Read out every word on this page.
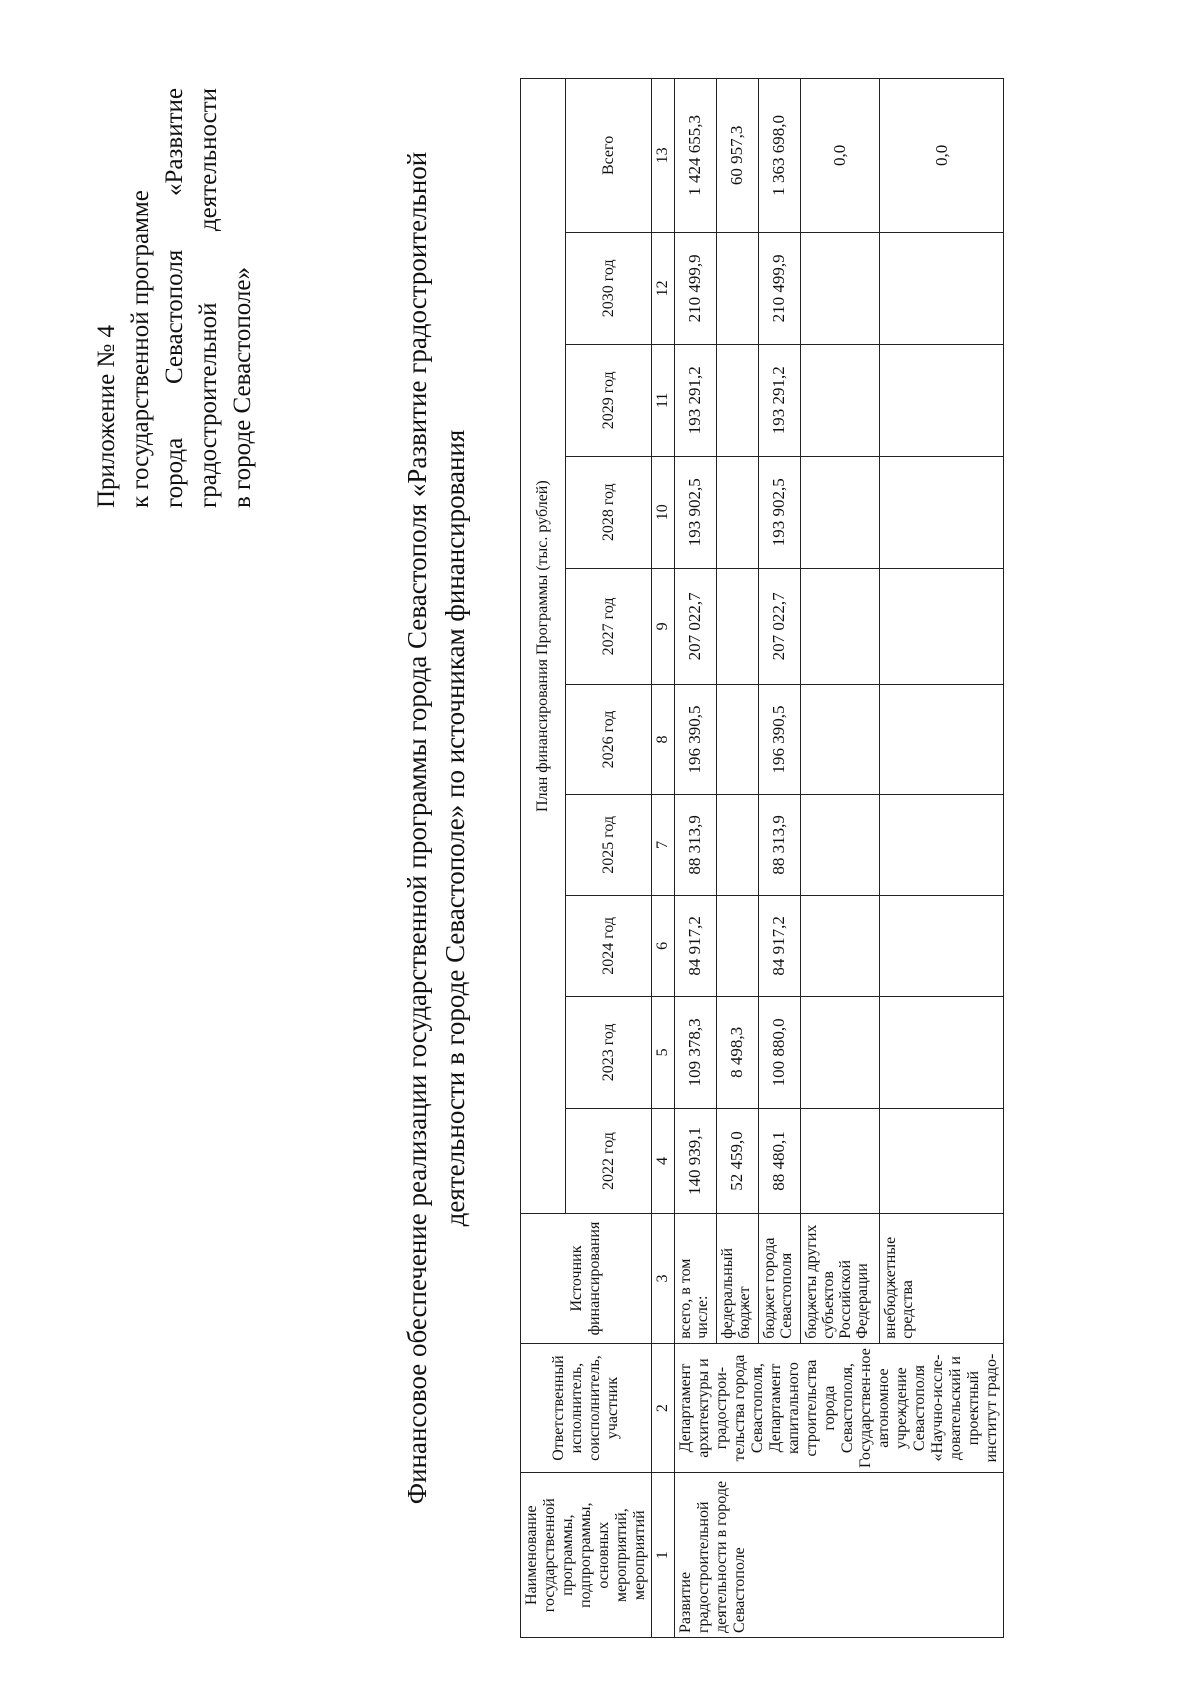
Приложение № 4 к государственной программе города Севастополя «Развитие градостроительной деятельности в городе Севастополе»	Финансовое обеспечение реализации государственной программы города Севастополя «Развитие градостроительной деятельности в городе Севастополе» по источникам финансирования
Наименование государственной программы, подпрограммы, основных мероприятий, мероприятий	Ответственный исполнитель, соисполнитель, участник	Источник финансирования	План финансирования Программы (тыс. рублей)									
			2022 год	2023 год	2024 год	2025 год	2026 год	2027 год	2028 год	2029 год	2030 год	Всего
1	2	3	4	5	6	7	8	9	10	11	12	13
Развитие градостроительной деятельности в городе Севастополе	Департамент архитектуры и градострои-тельства города Севастополя, Департамент капитального строительства города Севастополя, Государствен-ное автономное учреждение Севастополя «Научно-иссле-довательский и проектный институт градо-	всего, в том числе:	140 939,1	109 378,3	84 917,2	88 313,9	196 390,5	207 022,7	193 902,5	193 291,2	210 499,9	1 424 655,3
		федеральный бюджет	52 459,0	8 498,3								60 957,3
		бюджет города Севастополя	88 480,1	100 880,0	84 917,2	88 313,9	196 390,5	207 022,7	193 902,5	193 291,2	210 499,9	1 363 698,0
		бюджеты других субъектов Российской Федерации										0,0
		внебюджетные средства										0,0
